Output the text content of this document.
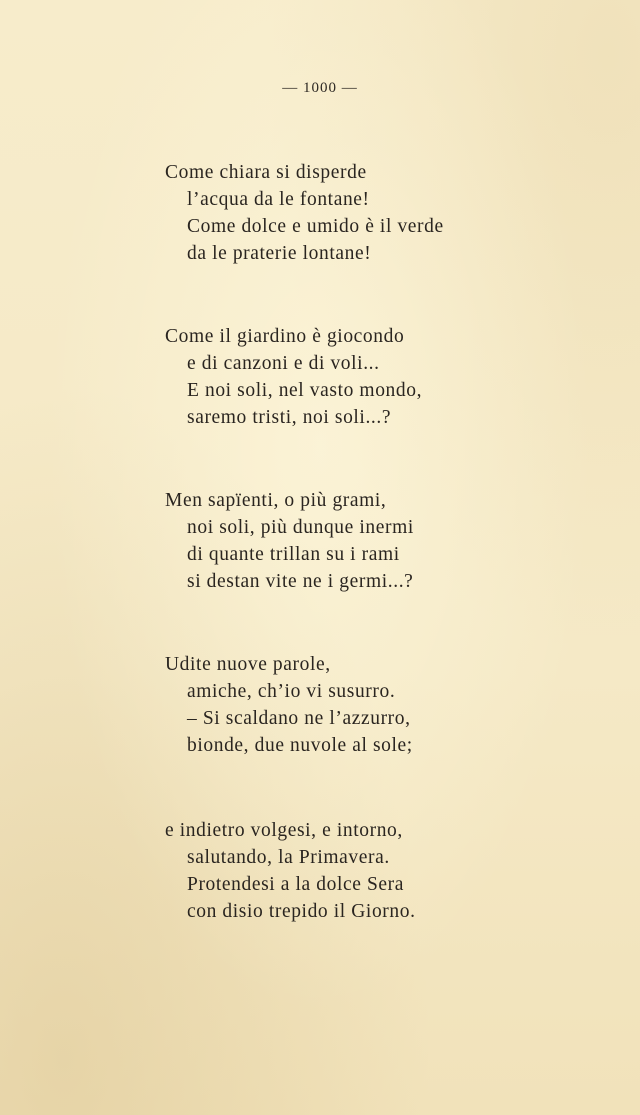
— 1000 —
Come chiara si disperde
l’acqua da le fontane!
Come dolce e umido è il verde
da le praterie lontane!
Come il giardino è giocondo
e di canzoni e di voli...
E noi soli, nel vasto mondo,
saremo tristi, noi soli...?
Men sapïenti, o più grami,
noi soli, più dunque inermi
di quante trillan su i rami
si destan vite ne i germi...?
Udite nuove parole,
amiche, ch’io vi susurro.
– Si scaldano ne l’azzurro,
bionde, due nuvole al sole;
e indietro volgesi, e intorno,
salutando, la Primavera.
Protendesi a la dolce Sera
con disio trepido il Giorno.
